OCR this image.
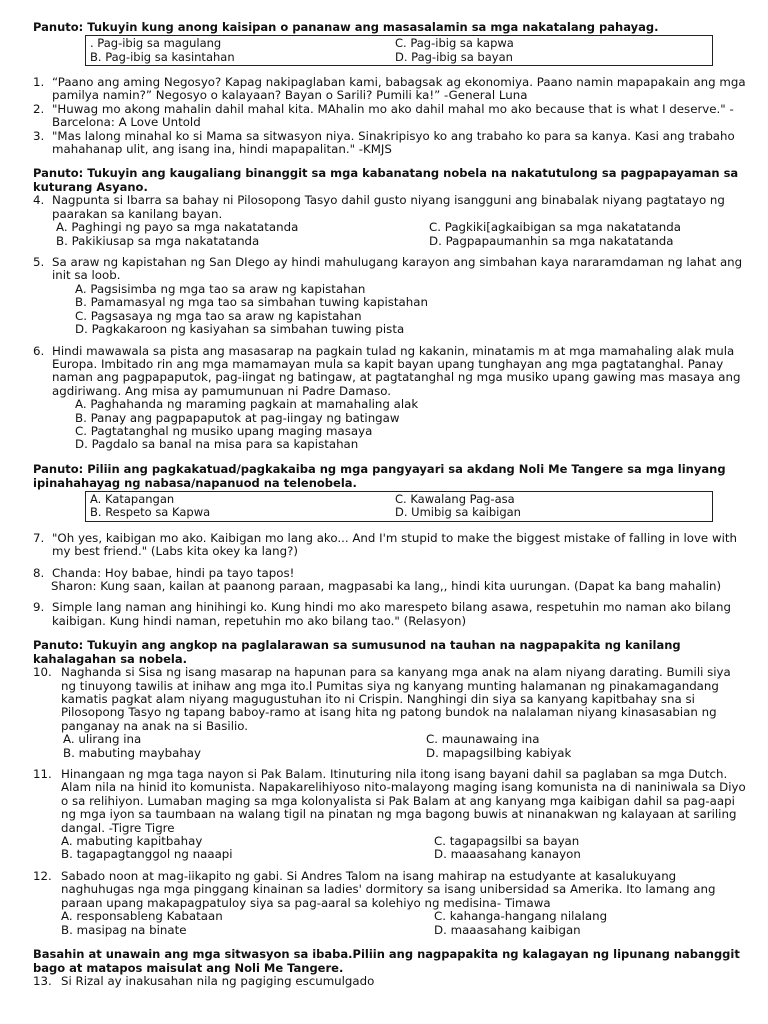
Panuto: Tukuyin kung anong kaisipan o pananaw ang masasalamin sa mga nakatalang pahayag.
. Pag-ibig sa magulang	C. Pag-ibig sa kapwa
B. Pag-ibig sa kasintahan	D. Pag-ibig sa bayan
1. “Paano ang aming Negosyo? Kapag nakipaglaban kami, babagsak ag ekonomiya. Paano namin mapapakain ang mga pamilya namin?” Negosyo o kalayaan? Bayan o Sarili? Pumili ka!” -General Luna
2. "Huwag mo akong mahalin dahil mahal kita. MAhalin mo ako dahil mahal mo ako because that is what I deserve." -Barcelona: A Love Untold
3. "Mas lalong minahal ko si Mama sa sitwasyon niya. Sinakripisyo ko ang trabaho ko para sa kanya. Kasi ang trabaho mahahanap ulit, ang isang ina, hindi mapapalitan." -KMJS
Panuto: Tukuyin ang kaugaliang binanggit sa mga kabanatang nobela na nakatutulong sa pagpapayaman sa kuturang Asyano.
4. Nagpunta si Ibarra sa bahay ni Pilosopong Tasyo dahil gusto niyang isangguni ang binabalak niyang pagtatayo ng paarakan sa kanilang bayan.
A. Paghingi ng payo sa mga nakatatanda	C. Pagkiki[agkaibigan sa mga nakatatanda
B. Pakikiusap sa mga nakatatanda	D. Pagpapaumanhin sa mga nakatatanda
5. Sa araw ng kapistahan ng San DIego ay hindi mahulugang karayon ang simbahan kaya nararamdaman ng lahat ang init sa loob.
A. Pagsisimba ng mga tao sa araw ng kapistahan
B. Pamamasyal ng mga tao sa simbahan tuwing kapistahan
C. Pagsasaya ng mga tao sa araw ng kapistahan
D. Pagkakaroon ng kasiyahan sa simbahan tuwing pista
6. Hindi mawawala sa pista ang masasarap na pagkain tulad ng kakanin, minatamis m at mga mamahaling alak mula Europa. Imbitado rin ang mga mamamayan mula sa kapit bayan upang tunghayan ang mga pagtatanghal. Panay naman ang pagpapaputok, pag-iingat ng batingaw, at pagtatanghal ng mga musiko upang gawing mas masaya ang agdiriwang. Ang misa ay pamumunuan ni Padre Damaso.
A. Paghahanda ng maraming pagkain at mamahaling alak
B. Panay ang pagpapaputok at pag-iingay ng batingaw
C. Pagtatanghal ng musiko upang maging masaya
D. Pagdalo sa banal na misa para sa kapistahan
Panuto: Piliin ang pagkakatuad/pagkakaiba ng mga pangyayari sa akdang Noli Me Tangere sa mga linyang ipinahahayag ng nabasa/napanuod na telenobela.
A. Katapangan	C. Kawalang Pag-asa
B. Respeto sa Kapwa	D. Umibig sa kaibigan
7. "Oh yes, kaibigan mo ako. Kaibigan mo lang ako... And I'm stupid to make the biggest mistake of falling in love with my best friend." (Labs kita okey ka lang?)
8. Chanda: Hoy babae, hindi pa tayo tapos!
Sharon: Kung saan, kailan at paanong paraan, magpasabi ka lang,, hindi kita uurungan. (Dapat ka bang mahalin)
9. Simple lang naman ang hinihingi ko. Kung hindi mo ako marespeto bilang asawa, respetuhin mo naman ako bilang kaibigan. Kung hindi naman, repetuhin mo ako bilang tao." (Relasyon)
Panuto: Tukuyin ang angkop na paglalarawan sa sumusunod na tauhan na nagpapakita ng kanilang kahalagahan sa nobela.
10. Naghanda si Sisa ng isang masarap na hapunan para sa kanyang mga anak na alam niyang darating. Bumili siya ng tinuyong tawilis at inihaw ang mga ito.l Pumitas siya ng kanyang munting halamanan ng pinakamagandang kamatis pagkat alam niyang magugustuhan ito ni Crispin. Nanghingi din siya sa kanyang kapitbahay sna si Pilosopong Tasyo ng tapang baboy-ramo at isang hita ng patong bundok na nalalaman niyang kinasasabian ng panganay na anak na si Basilio.
A. ulirang ina	C. maunawaing ina
B. mabuting maybahay	D. mapagsilbing kabiyak
11. Hinangaan ng mga taga nayon si Pak Balam. Itinuturing nila itong isang bayani dahil sa paglaban sa mga Dutch. Alam nila na hinid ito komunista. Napakarelihiyoso nito-malayong maging isang komunista na di naniniwala sa Diyo o sa relihiyon. Lumaban maging sa mga kolonyalista si Pak Balam at ang kanyang mga kaibigan dahil sa pag-aapi ng mga iyon sa taumbaan na walang tigil na pinatan ng mga bagong buwis at ninanakwan ng kalayaan at sariling dangal. -Tigre Tigre
A. mabuting kapitbahay	C. tagapagsilbi sa bayan
B. tagapagtanggol ng naaapi	D. maaasahang kanayon
12. Sabado noon at mag-iikapito ng gabi. Si Andres Talom na isang mahirap na estudyante at kasalukuyang naghuhugas nga mga pinggang kinainan sa ladies' dormitory sa isang unibersidad sa Amerika. Ito lamang ang paraan upang makapagpatuloy siya sa pag-aaral sa kolehiyo ng medisina- Timawa
A. responsableng Kabataan	C. kahanga-hangang nilalang
B. masipag na binate	D. maaasahang kaibigan
Basahin at unawain ang mga sitwasyon sa ibaba.Piliin ang nagpapakita ng kalagayan ng lipunang nabanggit bago at matapos maisulat ang Noli Me Tangere.
13. Si Rizal ay inakusahan nila ng pagiging escumulgado
